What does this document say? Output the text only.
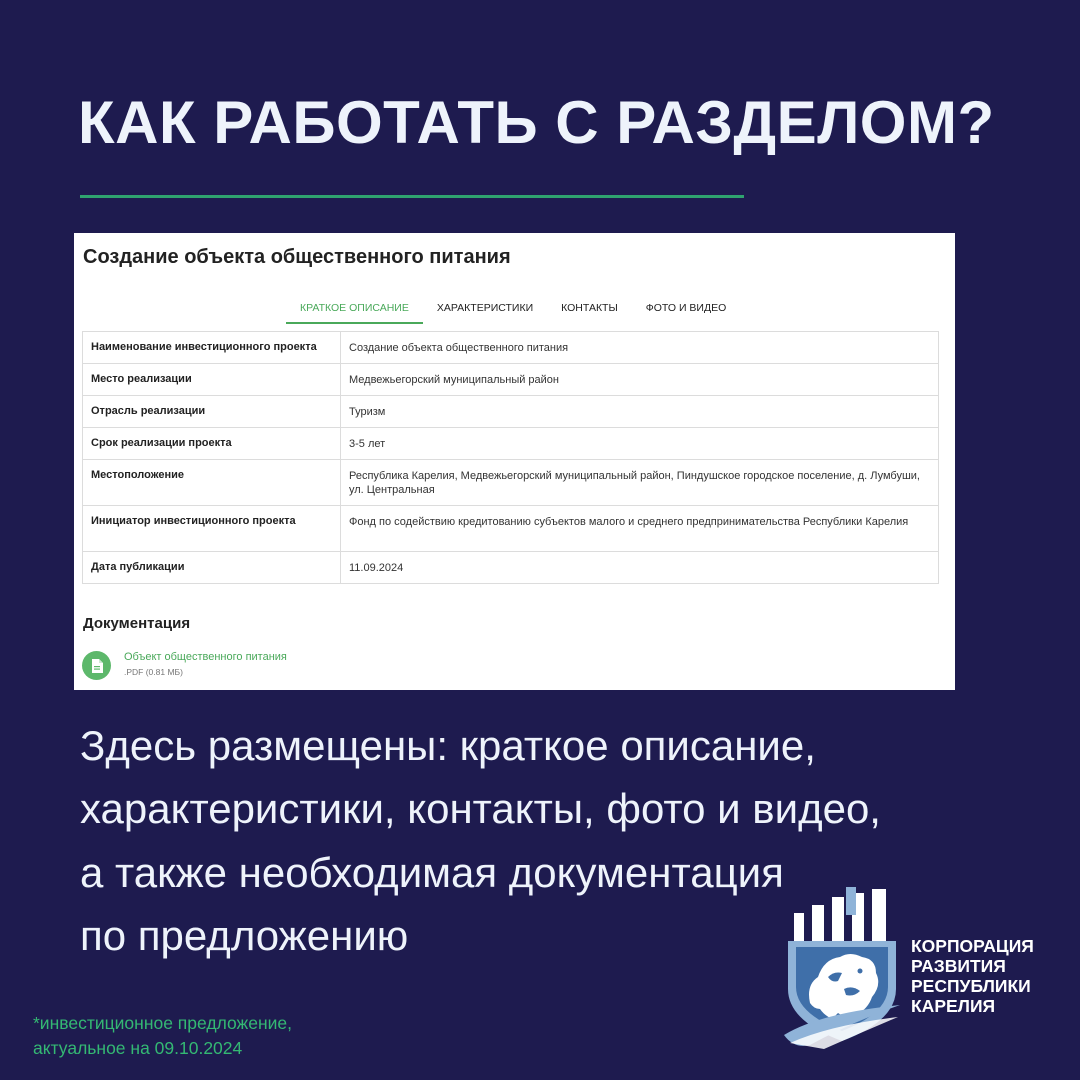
КАК РАБОТАТЬ С РАЗДЕЛОМ?
Создание объекта общественного питания
КРАТКОЕ ОПИСАНИЕ	ХАРАКТЕРИСТИКИ	КОНТАКТЫ	ФОТО И ВИДЕО
Наименование инвестиционного проекта	Создание объекта общественного питания
Место реализации	Медвежьегорский муниципальный район
Отрасль реализации	Туризм
Срок реализации проекта	3-5 лет
Местоположение	Республика Карелия, Медвежьегорский муниципальный район, Пиндушское городское поселение, д. Лумбуши, ул. Центральная
Инициатор инвестиционного проекта	Фонд по содействию кредитованию субъектов малого и среднего предпринимательства Республики Карелия
Дата публикации	11.09.2024
Документация
Объект общественного питания
.PDF (0.81 МБ)

Здесь размещены: краткое описание,
характеристики, контакты, фото и видео,
а также необходимая документация
по предложению

*инвестиционное предложение,
актуальное на 09.10.2024

КОРПОРАЦИЯ
РАЗВИТИЯ
РЕСПУБЛИКИ
КАРЕЛИЯ
